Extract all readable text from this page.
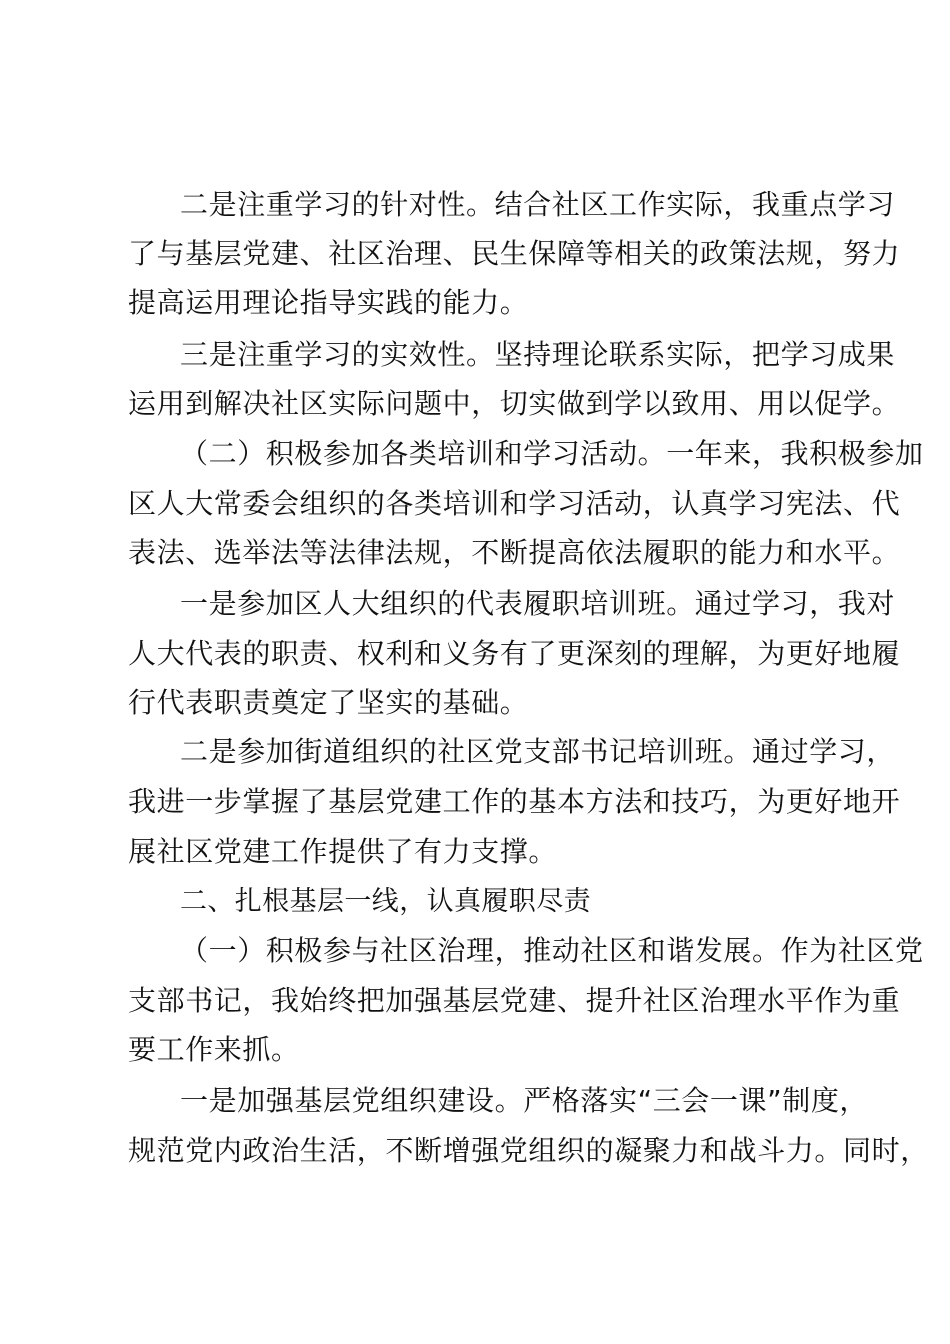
二是注重学习的针对性。结合社区工作实际，我重点学习
了与基层党建、社区治理、民生保障等相关的政策法规，努力
提高运用理论指导实践的能力。
三是注重学习的实效性。坚持理论联系实际，把学习成果
运用到解决社区实际问题中，切实做到学以致用、用以促学。
（二）积极参加各类培训和学习活动。一年来，我积极参加
区人大常委会组织的各类培训和学习活动，认真学习宪法、代
表法、选举法等法律法规，不断提高依法履职的能力和水平。
一是参加区人大组织的代表履职培训班。通过学习，我对
人大代表的职责、权利和义务有了更深刻的理解，为更好地履
行代表职责奠定了坚实的基础。
二是参加街道组织的社区党支部书记培训班。通过学习，
我进一步掌握了基层党建工作的基本方法和技巧，为更好地开
展社区党建工作提供了有力支撑。
二、扎根基层一线，认真履职尽责
（一）积极参与社区治理，推动社区和谐发展。作为社区党
支部书记，我始终把加强基层党建、提升社区治理水平作为重
要工作来抓。
一是加强基层党组织建设。严格落实“三会一课”制度，
规范党内政治生活，不断增强党组织的凝聚力和战斗力。同时，
